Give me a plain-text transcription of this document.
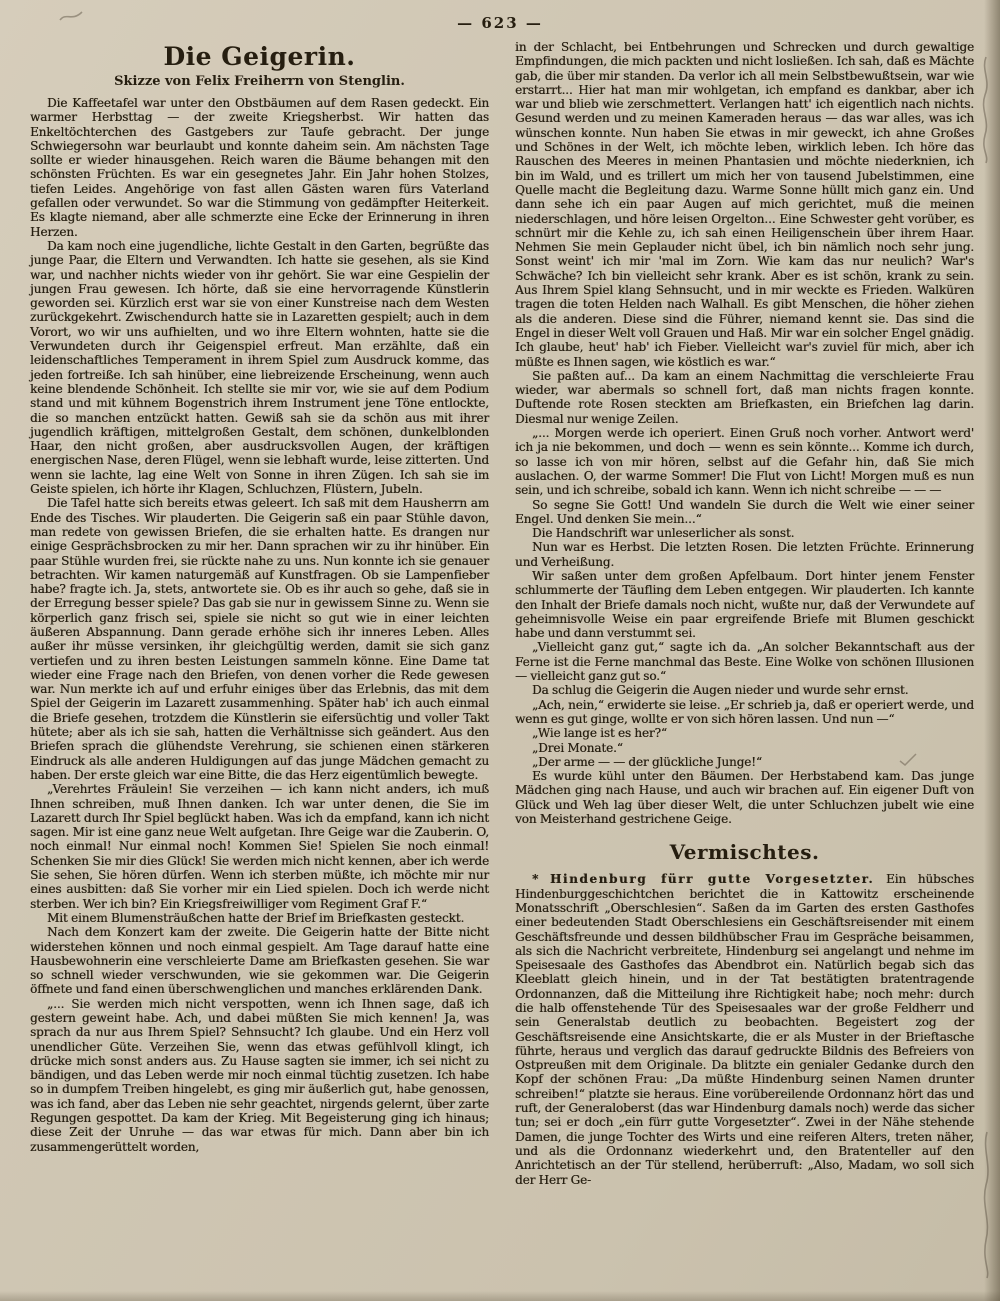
— 623 —
Die Geigerin.
Skizze von Felix Freiherrn von Stenglin.

Die Kaffeetafel war unter den Obstbäumen auf dem Rasen gedeckt. Ein warmer Herbsttag — der zweite Kriegsherbst. Wir hatten das Enkeltöchterchen des Gastgebers zur Taufe gebracht. Der junge Schwiegersohn war beurlaubt und konnte daheim sein. Am nächsten Tage sollte er wieder hinausgehen. Reich waren die Bäume behangen mit den schönsten Früchten. Es war ein gesegnetes Jahr. Ein Jahr hohen Stolzes, tiefen Leides. Angehörige von fast allen Gästen waren fürs Vaterland gefallen oder verwundet. So war die Stimmung von gedämpfter Heiterkeit. Es klagte niemand, aber alle schmerzte eine Ecke der Erinnerung in ihren Herzen.

Da kam noch eine jugendliche, lichte Gestalt in den Garten, begrüßte das junge Paar, die Eltern und Verwandten. Ich hatte sie gesehen, als sie Kind war, und nachher nichts wieder von ihr gehört. Sie war eine Gespielin der jungen Frau gewesen. Ich hörte, daß sie eine hervorragende Künstlerin geworden sei. Kürzlich erst war sie von einer Kunstreise nach dem Westen zurückgekehrt. Zwischendurch hatte sie in Lazaretten gespielt; auch in dem Vorort, wo wir uns aufhielten, und wo ihre Eltern wohnten, hatte sie die Verwundeten durch ihr Geigenspiel erfreut. Man erzählte, daß ein leidenschaftliches Temperament in ihrem Spiel zum Ausdruck komme, das jeden fortreiße. Ich sah hinüber, eine liebreizende Erscheinung, wenn auch keine blendende Schönheit. Ich stellte sie mir vor, wie sie auf dem Podium stand und mit kühnem Bogenstrich ihrem Instrument jene Töne entlockte, die so manchen entzückt hatten. Gewiß sah sie da schön aus mit ihrer jugendlich kräftigen, mittelgroßen Gestalt, dem schönen, dunkelblonden Haar, den nicht großen, aber ausdrucksvollen Augen, der kräftigen energischen Nase, deren Flügel, wenn sie lebhaft wurde, leise zitterten. Und wenn sie lachte, lag eine Welt von Sonne in ihren Zügen. Ich sah sie im Geiste spielen, ich hörte ihr Klagen, Schluchzen, Flüstern, Jubeln.

Die Tafel hatte sich bereits etwas geleert. Ich saß mit dem Hausherrn am Ende des Tisches. Wir plauderten. Die Geigerin saß ein paar Stühle davon, man redete von gewissen Briefen, die sie erhalten hatte. Es drangen nur einige Gesprächsbrocken zu mir her. Dann sprachen wir zu ihr hinüber. Ein paar Stühle wurden frei, sie rückte nahe zu uns. Nun konnte ich sie genauer betrachten. Wir kamen naturgemäß auf Kunstfragen. Ob sie Lampenfieber habe? fragte ich. Ja, stets, antwortete sie. Ob es ihr auch so gehe, daß sie in der Erregung besser spiele? Das gab sie nur in gewissem Sinne zu. Wenn sie körperlich ganz frisch sei, spiele sie nicht so gut wie in einer leichten äußeren Abspannung. Dann gerade erhöhe sich ihr inneres Leben. Alles außer ihr müsse versinken, ihr gleichgültig werden, damit sie sich ganz vertiefen und zu ihren besten Leistungen sammeln könne. Eine Dame tat wieder eine Frage nach den Briefen, von denen vorher die Rede gewesen war. Nun merkte ich auf und erfuhr einiges über das Erlebnis, das mit dem Spiel der Geigerin im Lazarett zusammenhing. Später hab' ich auch einmal die Briefe gesehen, trotzdem die Künstlerin sie eifersüchtig und voller Takt hütete; aber als ich sie sah, hatten die Verhältnisse sich geändert. Aus den Briefen sprach die glühendste Verehrung, sie schienen einen stärkeren Eindruck als alle anderen Huldigungen auf das junge Mädchen gemacht zu haben. Der erste gleich war eine Bitte, die das Herz eigentümlich bewegte.

„Verehrtes Fräulein! Sie verzeihen — ich kann nicht anders, ich muß Ihnen schreiben, muß Ihnen danken. Ich war unter denen, die Sie im Lazarett durch Ihr Spiel beglückt haben. Was ich da empfand, kann ich nicht sagen. Mir ist eine ganz neue Welt aufgetan. Ihre Geige war die Zauberin. O, noch einmal! Nur einmal noch! Kommen Sie! Spielen Sie noch einmal! Schenken Sie mir dies Glück! Sie werden mich nicht kennen, aber ich werde Sie sehen, Sie hören dürfen. Wenn ich sterben müßte, ich möchte mir nur eines ausbitten: daß Sie vorher mir ein Lied spielen. Doch ich werde nicht sterben. Wer ich bin? Ein Kriegsfreiwilliger vom Regiment Graf F.“

Mit einem Blumensträußchen hatte der Brief im Briefkasten gesteckt.

Nach dem Konzert kam der zweite. Die Geigerin hatte der Bitte nicht widerstehen können und noch einmal gespielt. Am Tage darauf hatte eine Hausbewohnerin eine verschleierte Dame am Briefkasten gesehen. Sie war so schnell wieder verschwunden, wie sie gekommen war. Die Geigerin öffnete und fand einen überschwenglichen und manches erklärenden Dank.

„... Sie werden mich nicht verspotten, wenn ich Ihnen sage, daß ich gestern geweint habe. Ach, und dabei müßten Sie mich kennen! Ja, was sprach da nur aus Ihrem Spiel? Sehnsucht? Ich glaube. Und ein Herz voll unendlicher Güte. Verzeihen Sie, wenn das etwas gefühlvoll klingt, ich drücke mich sonst anders aus. Zu Hause sagten sie immer, ich sei nicht zu bändigen, und das Leben werde mir noch einmal tüchtig zusetzen. Ich habe so in dumpfem Treiben hingelebt, es ging mir äußerlich gut, habe genossen, was ich fand, aber das Leben nie sehr geachtet, nirgends gelernt, über zarte Regungen gespottet. Da kam der Krieg. Mit Begeisterung ging ich hinaus; diese Zeit der Unruhe — das war etwas für mich. Dann aber bin ich zusammengerüttelt worden,

in der Schlacht, bei Entbehrungen und Schrecken und durch gewaltige Empfindungen, die mich packten und nicht losließen. Ich sah, daß es Mächte gab, die über mir standen. Da verlor ich all mein Selbstbewußtsein, war wie erstarrt... Hier hat man mir wohlgetan, ich empfand es dankbar, aber ich war und blieb wie zerschmettert. Verlangen hatt' ich eigentlich nach nichts. Gesund werden und zu meinen Kameraden heraus — das war alles, was ich wünschen konnte. Nun haben Sie etwas in mir geweckt, ich ahne Großes und Schönes in der Welt, ich möchte leben, wirklich leben. Ich höre das Rauschen des Meeres in meinen Phantasien und möchte niederknien, ich bin im Wald, und es trillert um mich her von tausend Jubelstimmen, eine Quelle macht die Begleitung dazu. Warme Sonne hüllt mich ganz ein. Und dann sehe ich ein paar Augen auf mich gerichtet, muß die meinen niederschlagen, und höre leisen Orgelton... Eine Schwester geht vorüber, es schnürt mir die Kehle zu, ich sah einen Heiligenschein über ihrem Haar. Nehmen Sie mein Geplauder nicht übel, ich bin nämlich noch sehr jung. Sonst weint' ich mir 'mal im Zorn. Wie kam das nur neulich? War's Schwäche? Ich bin vielleicht sehr krank. Aber es ist schön, krank zu sein. Aus Ihrem Spiel klang Sehnsucht, und in mir weckte es Frieden. Walküren tragen die toten Helden nach Walhall. Es gibt Menschen, die höher ziehen als die anderen. Diese sind die Führer, niemand kennt sie. Das sind die Engel in dieser Welt voll Grauen und Haß. Mir war ein solcher Engel gnädig. Ich glaube, heut' hab' ich Fieber. Vielleicht war's zuviel für mich, aber ich müßte es Ihnen sagen, wie köstlich es war.“

Sie paßten auf... Da kam an einem Nachmittag die verschleierte Frau wieder, war abermals so schnell fort, daß man nichts fragen konnte. Duftende rote Rosen steckten am Briefkasten, ein Briefchen lag darin. Diesmal nur wenige Zeilen.

„... Morgen werde ich operiert. Einen Gruß noch vorher. Antwort werd' ich ja nie bekommen, und doch — wenn es sein könnte... Komme ich durch, so lasse ich von mir hören, selbst auf die Gefahr hin, daß Sie mich auslachen. O, der warme Sommer! Die Flut von Licht! Morgen muß es nun sein, und ich schreibe, sobald ich kann. Wenn ich nicht schreibe — — —

So segne Sie Gott! Und wandeln Sie durch die Welt wie einer seiner Engel. Und denken Sie mein...“

Die Handschrift war unleserlicher als sonst.

Nun war es Herbst. Die letzten Rosen. Die letzten Früchte. Erinnerung und Verheißung.

Wir saßen unter dem großen Apfelbaum. Dort hinter jenem Fenster schlummerte der Täufling dem Leben entgegen. Wir plauderten. Ich kannte den Inhalt der Briefe damals noch nicht, wußte nur, daß der Verwundete auf geheimnisvolle Weise ein paar ergreifende Briefe mit Blumen geschickt habe und dann verstummt sei.

„Vielleicht ganz gut,“ sagte ich da. „An solcher Bekanntschaft aus der Ferne ist die Ferne manchmal das Beste. Eine Wolke von schönen Illusionen — vielleicht ganz gut so.“

Da schlug die Geigerin die Augen nieder und wurde sehr ernst.

„Ach, nein,“ erwiderte sie leise. „Er schrieb ja, daß er operiert werde, und wenn es gut ginge, wollte er von sich hören lassen. Und nun —“

„Wie lange ist es her?“

„Drei Monate.“

„Der arme — — der glückliche Junge!“

Es wurde kühl unter den Bäumen. Der Herbstabend kam. Das junge Mädchen ging nach Hause, und auch wir brachen auf. Ein eigener Duft von Glück und Weh lag über dieser Welt, die unter Schluchzen jubelt wie eine von Meisterhand gestrichene Geige.

Vermischtes.

* Hindenburg fürr gutte Vorgesetzter. Ein hübsches Hindenburggeschichtchen berichtet die in Kattowitz erscheinende Monatsschrift „Oberschlesien“. Saßen da im Garten des ersten Gasthofes einer bedeutenden Stadt Oberschlesiens ein Geschäftsreisender mit einem Geschäftsfreunde und dessen bildhübscher Frau im Gespräche beisammen, als sich die Nachricht verbreitete, Hindenburg sei angelangt und nehme im Speisesaale des Gasthofes das Abendbrot ein. Natürlich begab sich das Kleeblatt gleich hinein, und in der Tat bestätigten bratentragende Ordonnanzen, daß die Mitteilung ihre Richtigkeit habe; noch mehr: durch die halb offenstehende Tür des Speisesaales war der große Feldherr und sein Generalstab deutlich zu beobachten. Begeistert zog der Geschäftsreisende eine Ansichtskarte, die er als Muster in der Brieftasche führte, heraus und verglich das darauf gedruckte Bildnis des Befreiers von Ostpreußen mit dem Originale. Da blitzte ein genialer Gedanke durch den Kopf der schönen Frau: „Da müßte Hindenburg seinen Namen drunter schreiben!“ platzte sie heraus. Eine vorübereilende Ordonnanz hört das und ruft, der Generaloberst (das war Hindenburg damals noch) werde das sicher tun; sei er doch „ein fürr gutte Vorgesetzter“. Zwei in der Nähe stehende Damen, die junge Tochter des Wirts und eine reiferen Alters, treten näher, und als die Ordonnanz wiederkehrt und, den Bratenteller auf den Anrichtetisch an der Tür stellend, herüberruft: „Also, Madam, wo soll sich der Herr Ge-
